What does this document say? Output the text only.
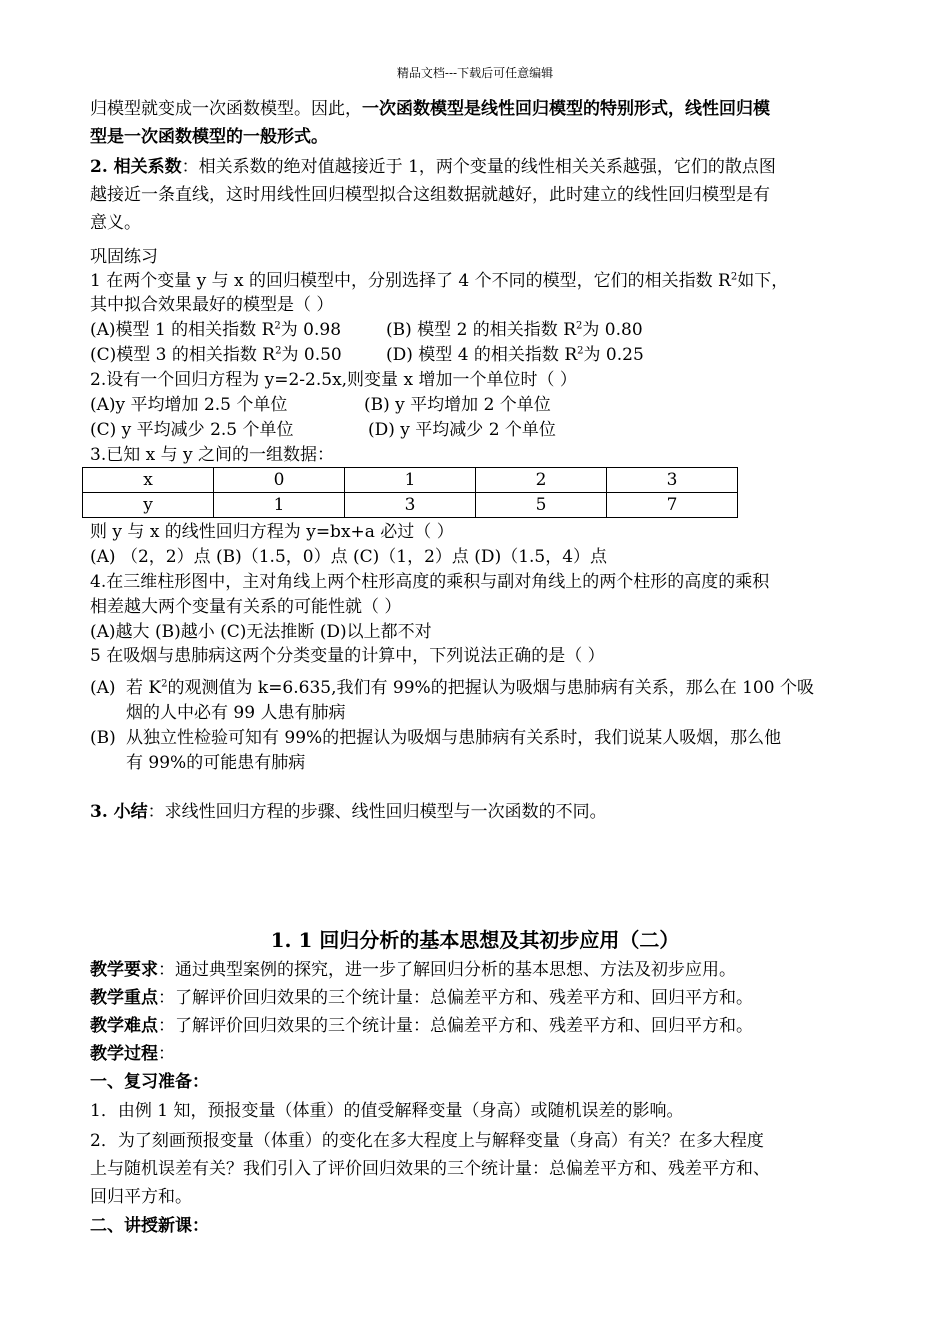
精品文档---下载后可任意编辑
归模型就变成一次函数模型。因此，一次函数模型是线性回归模型的特别形式，线性回归模
型是一次函数模型的一般形式。
2. 相关系数：相关系数的绝对值越接近于 1，两个变量的线性相关关系越强，它们的散点图
越接近一条直线，这时用线性回归模型拟合这组数据就越好，此时建立的线性回归模型是有
意义。
巩固练习
1 在两个变量 y 与 x 的回归模型中，分别选择了 4 个不同的模型，它们的相关指数 $R^2$如下，
其中拟合效果最好的模型是（ ）
(A)模型 1 的相关指数 $R^2$为 0.98	(B) 模型 2 的相关指数 $R^2$为 0.80
(C)模型 3 的相关指数 $R^2$为 0.50	(D) 模型 4 的相关指数 $R^2$为 0.25
2.设有一个回归方程为 y=2-2.5x,则变量 x 增加一个单位时（ ）
(A)y 平均增加 2.5 个单位	(B) y 平均增加 2 个单位
(C) y 平均减少 2.5 个单位	(D) y 平均减少 2 个单位
3.已知 x 与 y 之间的一组数据：
x	0	1	2	3
y	1	3	5	7
则 y 与 x 的线性回归方程为 y=bx+a 必过（ ）
(A) （2，2）点 (B)（1.5，0）点 (C)（1，2）点 (D)（1.5，4）点
4.在三维柱形图中，主对角线上两个柱形高度的乘积与副对角线上的两个柱形的高度的乘积
相差越大两个变量有关系的可能性就（ ）
(A)越大 (B)越小 (C)无法推断 (D)以上都不对
5 在吸烟与患肺病这两个分类变量的计算中，下列说法正确的是（ ）
(A) 若 $K^2$的观测值为 k=6.635,我们有 99%的把握认为吸烟与患肺病有关系，那么在 100 个吸
烟的人中必有 99 人患有肺病
(B) 从独立性检验可知有 99%的把握认为吸烟与患肺病有关系时，我们说某人吸烟，那么他
有 99%的可能患有肺病
3. 小结：求线性回归方程的步骤、线性回归模型与一次函数的不同。
1. 1 回归分析的基本思想及其初步应用（二）
教学要求：通过典型案例的探究，进一步了解回归分析的基本思想、方法及初步应用。
教学重点：了解评价回归效果的三个统计量：总偏差平方和、残差平方和、回归平方和。
教学难点：了解评价回归效果的三个统计量：总偏差平方和、残差平方和、回归平方和。
教学过程：
一、复习准备：
1．由例 1 知，预报变量（体重）的值受解释变量（身高）或随机误差的影响。
2．为了刻画预报变量（体重）的变化在多大程度上与解释变量（身高）有关？在多大程度
上与随机误差有关？我们引入了评价回归效果的三个统计量：总偏差平方和、残差平方和、
回归平方和。
二、讲授新课：
